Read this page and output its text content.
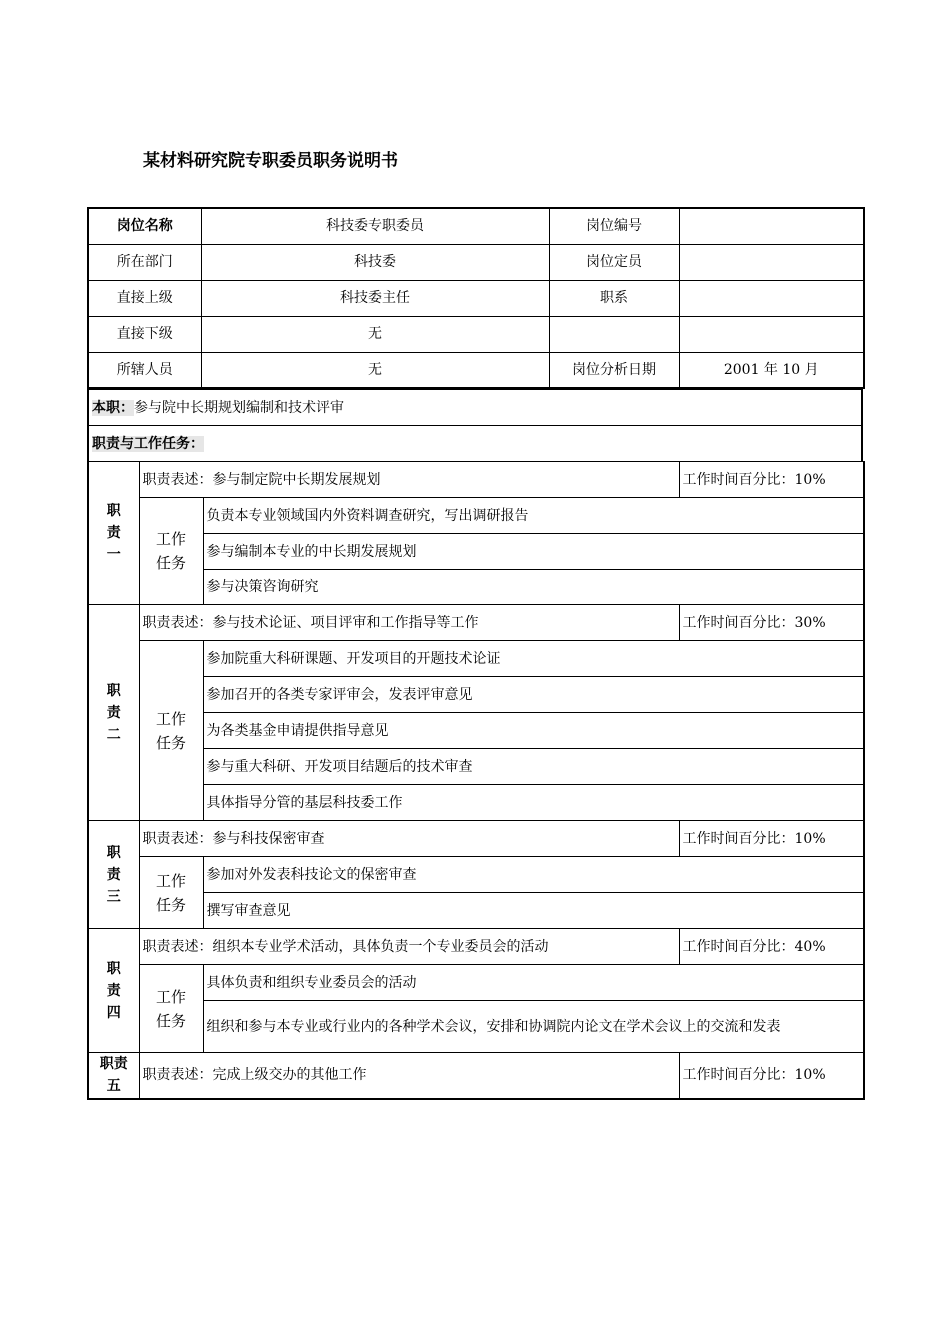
某材料研究院专职委员职务说明书
岗位名称	科技委专职委员	岗位编号	
所在部门	科技委	岗位定员	
直接上级	科技委主任	职系	
直接下级	无		
所辖人员	无	岗位分析日期	2001 年 10 月
本职：参与院中长期规划编制和技术评审
职责与工作任务：
职
责
一	职责表述：参与制定院中长期发展规划		工作时间百分比：10%
	工作
任务	负责本专业领域国内外资料调查研究，写出调研报告	
		参与编制本专业的中长期发展规划	
		参与决策咨询研究	
职
责
二	职责表述：参与技术论证、项目评审和工作指导等工作		工作时间百分比：30%
	工作
任务	参加院重大科研课题、开发项目的开题技术论证	
		参加召开的各类专家评审会，发表评审意见	
		为各类基金申请提供指导意见	
		参与重大科研、开发项目结题后的技术审查	
		具体指导分管的基层科技委工作	
职
责
三	职责表述：参与科技保密审查		工作时间百分比：10%
	工作
任务	参加对外发表科技论文的保密审查	
		撰写审查意见	
职
责
四	职责表述：组织本专业学术活动，具体负责一个专业委员会的活动		工作时间百分比：40%
	工作
任务	具体负责和组织专业委员会的活动	
		组织和参与本专业或行业内的各种学术会议，安排和协调院内论文在学术会议上的交流和发表	
职责
五	职责表述：完成上级交办的其他工作		工作时间百分比：10%
